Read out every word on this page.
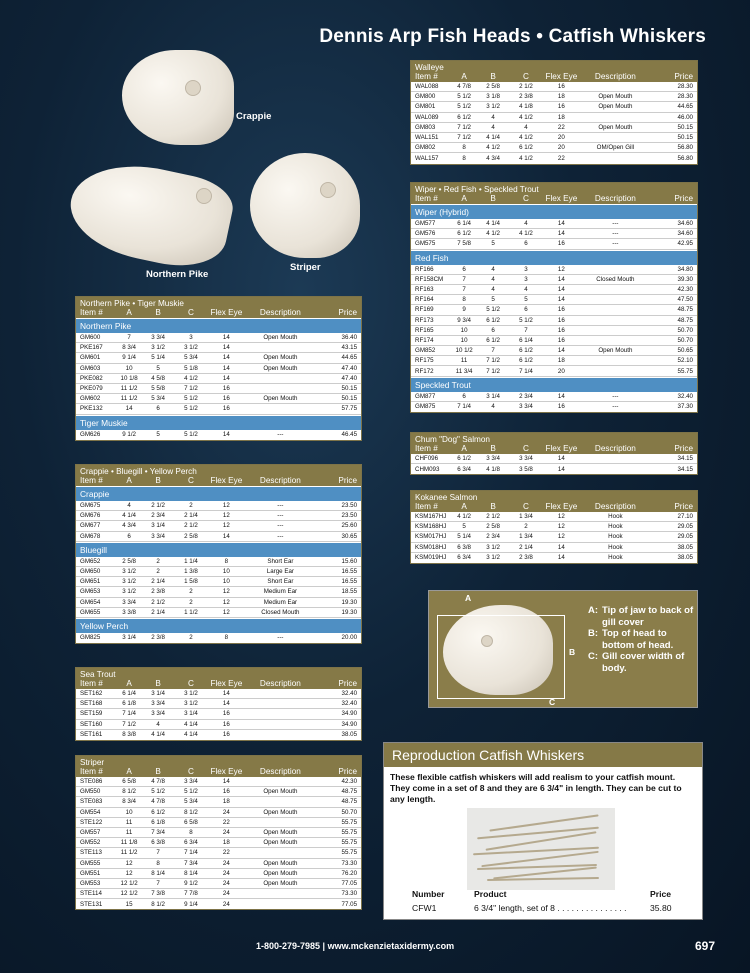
Dennis Arp Fish Heads • Catfish Whiskers
Crappie
Northern Pike
Striper
Walleye
Item #	A	B	C	Flex Eye	Description	Price
WAL088	4 7/8	2 5/8	2 1/2	16	28.30
GM800	5 1/2	3 1/8	2 3/8	18	Open Mouth	28.30
GM801	5 1/2	3 1/2	4 1/8	16	Open Mouth	44.65
WAL089	6 1/2	4	4 1/2	18	46.00
GM803	7 1/2	4	4	22	Open Mouth	50.15
WAL151	7 1/2	4 1/4	4 1/2	20	50.15
GM802	8	4 1/2	6 1/2	20	OM/Open Gill	56.80
WAL157	8	4 3/4	4 1/2	22	56.80
Wiper • Red Fish • Speckled Trout
Item #	A	B	C	Flex Eye	Description	Price
Wiper (Hybrid)
GM577	6 1/4	4 1/4	4	14	---	34.60
GM576	6 1/2	4 1/2	4 1/2	14	---	34.60
GM575	7 5/8	5	6	16	---	42.95
Red Fish
RF166	6	4	3	12	34.80
RF158CM	7	4	3	14	Closed Mouth	39.30
RF163	7	4	4	14	42.30
RF164	8	5	5	14	47.50
RF169	9	5 1/2	6	16	48.75
RF173	9 3/4	6 1/2	5 1/2	16	48.75
RF165	10	6	7	16	50.70
RF174	10	6 1/2	6 1/4	16	50.70
GM852	10 1/2	7	6 1/2	14	Open Mouth	50.65
RF175	11	7 1/2	6 1/2	18	52.10
RF172	11 3/4	7 1/2	7 1/4	20	55.75
Speckled Trout
GM877	6	3 1/4	2 3/4	14	---	32.40
GM875	7 1/4	4	3 3/4	16	---	37.30
Chum "Dog" Salmon
Item #	A	B	C	Flex Eye	Description	Price
CHF096	6 1/2	3 3/4	3 3/4	14	34.15
CHM093	6 3/4	4 1/8	3 5/8	14	34.15
Kokanee Salmon
Item #	A	B	C	Flex Eye	Description	Price
KSM167HJ	4 1/2	2 1/2	1 3/4	12	Hook	27.10
KSM168HJ	5	2 5/8	2	12	Hook	29.05
KSM017HJ	5 1/4	2 3/4	1 3/4	12	Hook	29.05
KSM018HJ	6 3/8	3 1/2	2 1/4	14	Hook	38.05
KSM019HJ	6 3/4	3 1/2	2 3/8	14	Hook	38.05
Northern Pike • Tiger Muskie
Item #	A	B	C	Flex Eye	Description	Price
Northern Pike
GM600	7	3 3/4	3	14	Open Mouth	36.40
PKE167	8 3/4	3 1/2	3 1/2	14	43.15
GM601	9 1/4	5 1/4	5 3/4	14	Open Mouth	44.65
GM603	10	5	5 1/8	14	Open Mouth	47.40
PKE082	10 1/8	4 5/8	4 1/2	14	47.40
PKE079	11 1/2	5 5/8	7 1/2	16	50.15
GM602	11 1/2	5 3/4	5 1/2	16	Open Mouth	50.15
PKE132	14	6	5 1/2	16	57.75
Tiger Muskie
GM626	9 1/2	5	5 1/2	14	---	46.45
Crappie • Bluegill • Yellow Perch
Item #	A	B	C	Flex Eye	Description	Price
Crappie
GM675	4	2 1/2	2	12	---	23.50
GM676	4 1/4	2 3/4	2 1/4	12	---	23.50
GM677	4 3/4	3 1/4	2 1/2	12	---	25.60
GM678	6	3 3/4	2 5/8	14	---	30.65
Bluegill
GM652	2 5/8	2	1 1/4	8	Short Ear	15.60
GM650	3 1/2	2	1 3/8	10	Large Ear	16.55
GM651	3 1/2	2 1/4	1 5/8	10	Short Ear	16.55
GM653	3 1/2	2 3/8	2	12	Medium Ear	18.55
GM654	3 3/4	2 1/2	2	12	Medium Ear	19.30
GM655	3 3/8	2 1/4	1 1/2	12	Closed Mouth	19.30
Yellow Perch
GM825	3 1/4	2 3/8	2	8	---	20.00
Sea Trout
Item #	A	B	C	Flex Eye	Description	Price
SET162	6 1/4	3 1/4	3 1/2	14	32.40
SET168	6 1/8	3 3/4	3 1/2	14	32.40
SET159	7 1/4	3 3/4	3 1/4	16	34.90
SET160	7 1/2	4	4 1/4	16	34.90
SET161	8 3/8	4 1/4	4 1/4	16	38.05
Striper
Item #	A	B	C	Flex Eye	Description	Price
STE086	6 5/8	4 7/8	3 3/4	14	42.30
GM550	8 1/2	5 1/2	5 1/2	16	Open Mouth	48.75
STE083	8 3/4	4 7/8	5 3/4	18	48.75
GM554	10	6 1/2	8 1/2	24	Open Mouth	50.70
STE122	11	6 1/8	6 5/8	22	55.75
GM557	11	7 3/4	8	24	Open Mouth	55.75
GM552	11 1/8	6 3/8	6 3/4	18	Open Mouth	55.75
STE113	11 1/2	7	7 1/4	22	55.75
GM555	12	8	7 3/4	24	Open Mouth	73.30
GM551	12	8 1/4	8 1/4	24	Open Mouth	76.20
GM553	12 1/2	7	9 1/2	24	Open Mouth	77.05
STE114	12 1/2	7 3/8	7 7/8	24	73.30
STE131	15	8 1/2	9 1/4	24	77.05
A
B
C
A: Tip of jaw to back of gill cover
B: Top of head to bottom of head.
C: Gill cover width of body.
Reproduction Catfish Whiskers
These flexible catfish whiskers will add realism to your catfish mount. They come in a set of 8 and they are 6 3/4" in length. They can be cut to any length.
Number	Product	Price
CFW1	6 3/4" length, set of 8 . . . . . . . . . . . . . . .	35.80
1-800-279-7985 | www.mckenzietaxidermy.com	697
